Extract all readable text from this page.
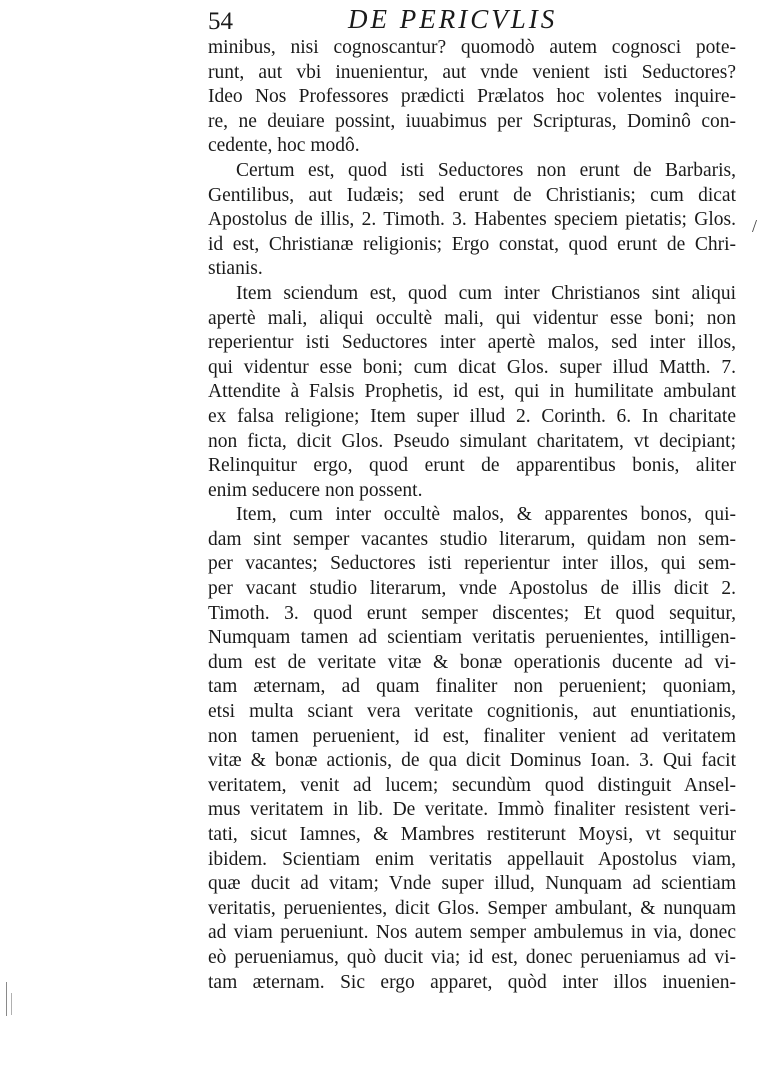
54	DE PERICVLIS
minibus, nisi cognoscantur? quomodò autem cognosci pote-
runt, aut vbi inuenientur, aut vnde venient isti Seductores?
Ideo Nos Professores prædicti Prælatos hoc volentes inquire-
re, ne deuiare possint, iuuabimus per Scripturas, Dominô con-
cedente, hoc modô.
Certum est, quod isti Seductores non erunt de Barbaris,
Gentilibus, aut Iudæis; sed erunt de Christianis; cum dicat
Apostolus de illis, 2. Timoth. 3. Habentes speciem pietatis; Glos.
id est, Christianæ religionis; Ergo constat, quod erunt de Chri-
stianis.
Item sciendum est, quod cum inter Christianos sint aliqui
apertè mali, aliqui occultè mali, qui videntur esse boni; non
reperientur isti Seductores inter apertè malos, sed inter illos,
qui videntur esse boni; cum dicat Glos. super illud Matth. 7.
Attendite à Falsis Prophetis, id est, qui in humilitate ambulant
ex falsa religione; Item super illud 2. Corinth. 6. In charitate
non ficta, dicit Glos. Pseudo simulant charitatem, vt decipiant;
Relinquitur ergo, quod erunt de apparentibus bonis, aliter
enim seducere non possent.
Item, cum inter occultè malos, & apparentes bonos, qui-
dam sint semper vacantes studio literarum, quidam non sem-
per vacantes; Seductores isti reperientur inter illos, qui sem-
per vacant studio literarum, vnde Apostolus de illis dicit 2.
Timoth. 3. quod erunt semper discentes; Et quod sequitur,
Numquam tamen ad scientiam veritatis peruenientes, intilligen-
dum est de veritate vitæ & bonæ operationis ducente ad vi-
tam æternam, ad quam finaliter non peruenient; quoniam,
etsi multa sciant vera veritate cognitionis, aut enuntiationis,
non tamen peruenient, id est, finaliter venient ad veritatem
vitæ & bonæ actionis, de qua dicit Dominus Ioan. 3. Qui facit
veritatem, venit ad lucem; secundùm quod distinguit Ansel-
mus veritatem in lib. De veritate. Immò finaliter resistent veri-
tati, sicut Iamnes, & Mambres restiterunt Moysi, vt sequitur
ibidem. Scientiam enim veritatis appellauit Apostolus viam,
quæ ducit ad vitam; Vnde super illud, Nunquam ad scientiam
veritatis, peruenientes, dicit Glos. Semper ambulant, & nunquam
ad viam perueniunt. Nos autem semper ambulemus in via, donec
eò perueniamus, quò ducit via; id est, donec perueniamus ad vi-
tam æternam. Sic ergo apparet, quòd inter illos inuenien-
/
